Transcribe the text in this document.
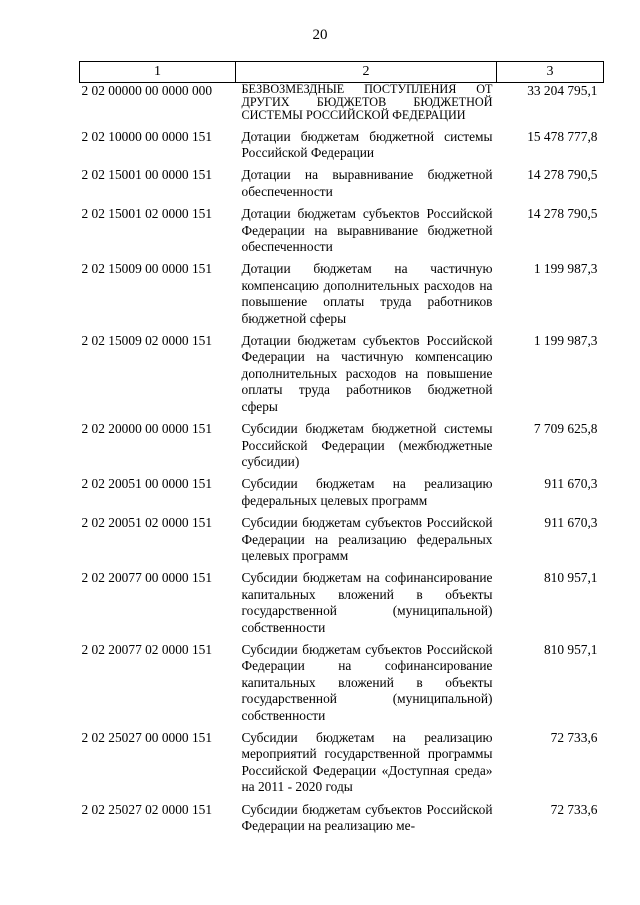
20
1	2	3
2 02 00000 00 0000 000	БЕЗВОЗМЕЗДНЫЕ ПОСТУПЛЕНИЯ ОТ ДРУГИХ БЮДЖЕТОВ БЮДЖЕТНОЙ СИСТЕМЫ РОССИЙСКОЙ ФЕДЕРАЦИИ	33 204 795,1
2 02 10000 00 0000 151	Дотации бюджетам бюджетной системы Российской Федерации	15 478 777,8
2 02 15001 00 0000 151	Дотации на выравнивание бюджетной обеспеченности	14 278 790,5
2 02 15001 02 0000 151	Дотации бюджетам субъектов Российской Федерации на выравнивание бюджетной обеспеченности	14 278 790,5
2 02 15009 00 0000 151	Дотации бюджетам на частичную компенсацию дополнительных расходов на повышение оплаты труда работников бюджетной сферы	1 199 987,3
2 02 15009 02 0000 151	Дотации бюджетам субъектов Российской Федерации на частичную компенсацию дополнительных расходов на повышение оплаты труда работников бюджетной сферы	1 199 987,3
2 02 20000 00 0000 151	Субсидии бюджетам бюджетной системы Российской Федерации (межбюджетные субсидии)	7 709 625,8
2 02 20051 00 0000 151	Субсидии бюджетам на реализацию федеральных целевых программ	911 670,3
2 02 20051 02 0000 151	Субсидии бюджетам субъектов Российской Федерации на реализацию федеральных целевых программ	911 670,3
2 02 20077 00 0000 151	Субсидии бюджетам на софинансирование капитальных вложений в объекты государственной (муниципальной) собственности	810 957,1
2 02 20077 02 0000 151	Субсидии бюджетам субъектов Российской Федерации на софинансирование капитальных вложений в объекты государственной (муниципальной) собственности	810 957,1
2 02 25027 00 0000 151	Субсидии бюджетам на реализацию мероприятий государственной программы Российской Федерации «Доступная среда» на 2011 - 2020 годы	72 733,6
2 02 25027 02 0000 151	Субсидии бюджетам субъектов Российской Федерации на реализацию ме-	72 733,6
